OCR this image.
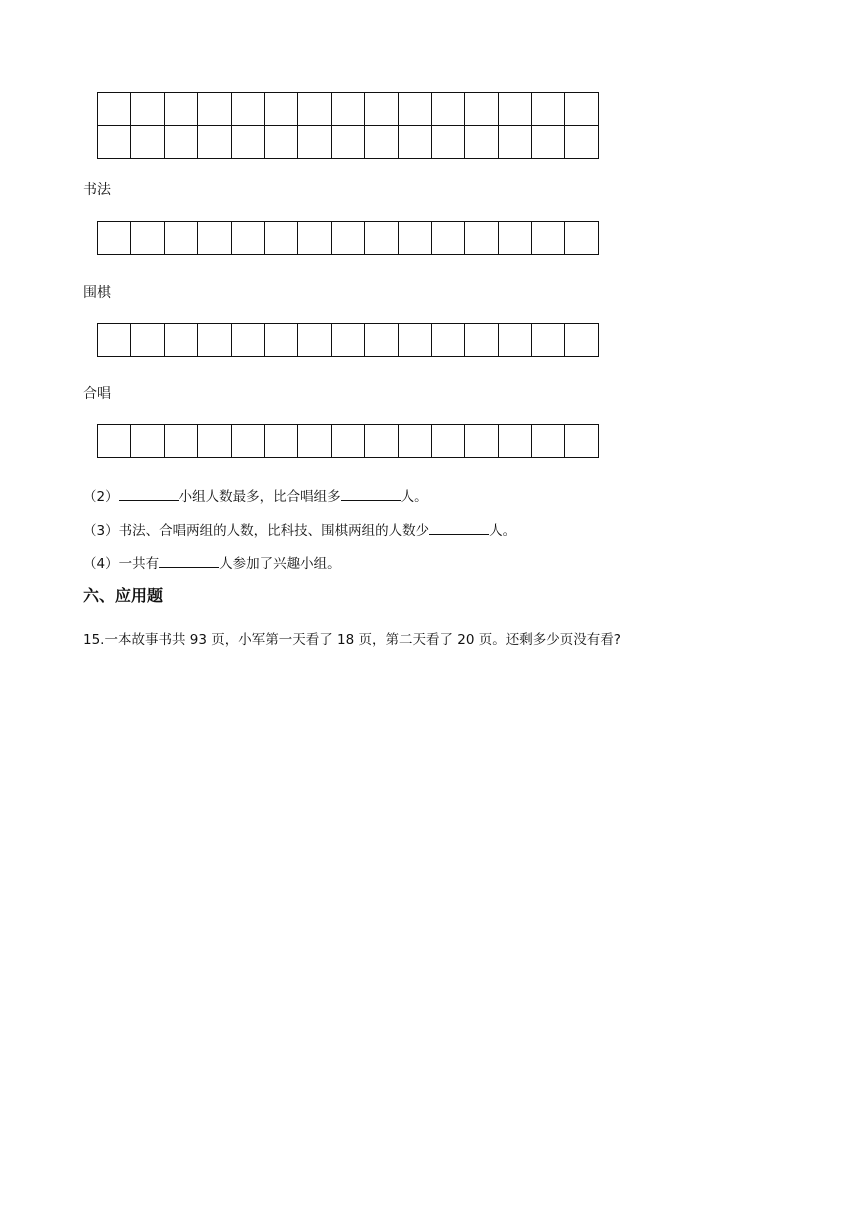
书法

围棋

合唱

（2）	小组人数最多，比合唱组多	人。
（3）书法、合唱两组的人数，比科技、围棋两组的人数少	人。
（4）一共有	人参加了兴趣小组。
六、应用题
15.一本故事书共 93 页，小军第一天看了 18 页，第二天看了 20 页。还剩多少页没有看?
